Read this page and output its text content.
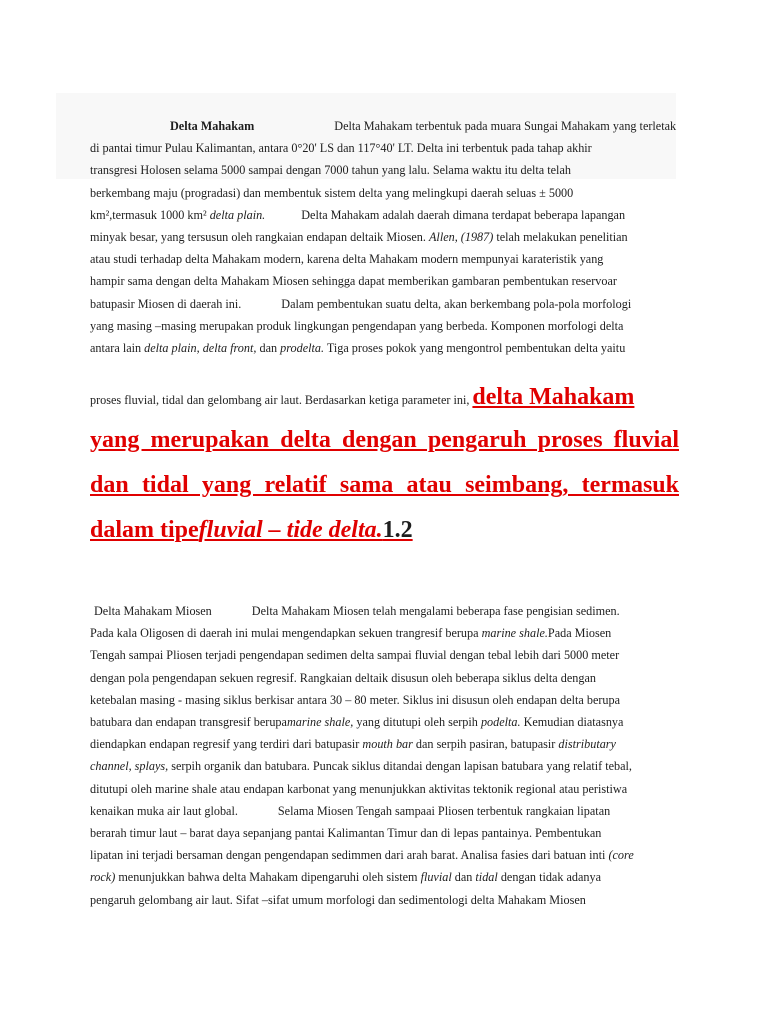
Delta Mahakam	Delta Mahakam terbentuk pada muara Sungai Mahakam yang terletak
di pantai timur Pulau Kalimantan, antara 0°20' LS dan 117°40' LT. Delta ini terbentuk pada tahap akhir
transgresi Holosen selama 5000 sampai dengan 7000 tahun yang lalu. Selama waktu itu delta telah
berkembang maju (progradasi) dan membentuk sistem delta yang melingkupi daerah seluas ± 5000
km²,termasuk 1000 km² delta plain.	Delta Mahakam adalah daerah dimana terdapat beberapa lapangan
minyak besar, yang tersusun oleh rangkaian endapan deltaik Miosen. Allen, (1987) telah melakukan penelitian
atau studi terhadap delta Mahakam modern, karena delta Mahakam modern mempunyai karateristik yang
hampir sama dengan delta Mahakam Miosen sehingga dapat memberikan gambaran pembentukan reservoar
batupasir Miosen di daerah ini.	Dalam pembentukan suatu delta, akan berkembang pola-pola morfologi
yang masing –masing merupakan produk lingkungan pengendapan yang berbeda. Komponen morfologi delta
antara lain delta plain, delta front, dan prodelta. Tiga proses pokok yang mengontrol pembentukan delta yaitu
proses fluvial, tidal dan gelombang air laut. Berdasarkan ketiga parameter ini, delta Mahakam
yang merupakan delta dengan pengaruh proses fluvial
dan tidal yang relatif sama atau seimbang, termasuk
dalam tipefluvial – tide delta.1.2
Delta Mahakam Miosen	Delta Mahakam Miosen telah mengalami beberapa fase pengisian sedimen.
Pada kala Oligosen di daerah ini mulai mengendapkan sekuen trangresif berupa marine shale.Pada Miosen
Tengah sampai Pliosen terjadi pengendapan sedimen delta sampai fluvial dengan tebal lebih dari 5000 meter
dengan pola pengendapan sekuen regresif. Rangkaian deltaik disusun oleh beberapa siklus delta dengan
ketebalan masing - masing siklus berkisar antara 30 – 80 meter. Siklus ini disusun oleh endapan delta berupa
batubara dan endapan transgresif berupamarine shale, yang ditutupi oleh serpih podelta. Kemudian diatasnya
diendapkan endapan regresif yang terdiri dari batupasir mouth bar dan serpih pasiran, batupasir distributary
channel, splays, serpih organik dan batubara. Puncak siklus ditandai dengan lapisan batubara yang relatif tebal,
ditutupi oleh marine shale atau endapan karbonat yang menunjukkan aktivitas tektonik regional atau peristiwa
kenaikan muka air laut global.	Selama Miosen Tengah sampaai Pliosen terbentuk rangkaian lipatan
berarah timur laut – barat daya sepanjang pantai Kalimantan Timur dan di lepas pantainya. Pembentukan
lipatan ini terjadi bersaman dengan pengendapan sedimmen dari arah barat. Analisa fasies dari batuan inti (core
rock) menunjukkan bahwa delta Mahakam dipengaruhi oleh sistem fluvial dan tidal dengan tidak adanya
pengaruh gelombang air laut. Sifat –sifat umum morfologi dan sedimentologi delta Mahakam Miosen
